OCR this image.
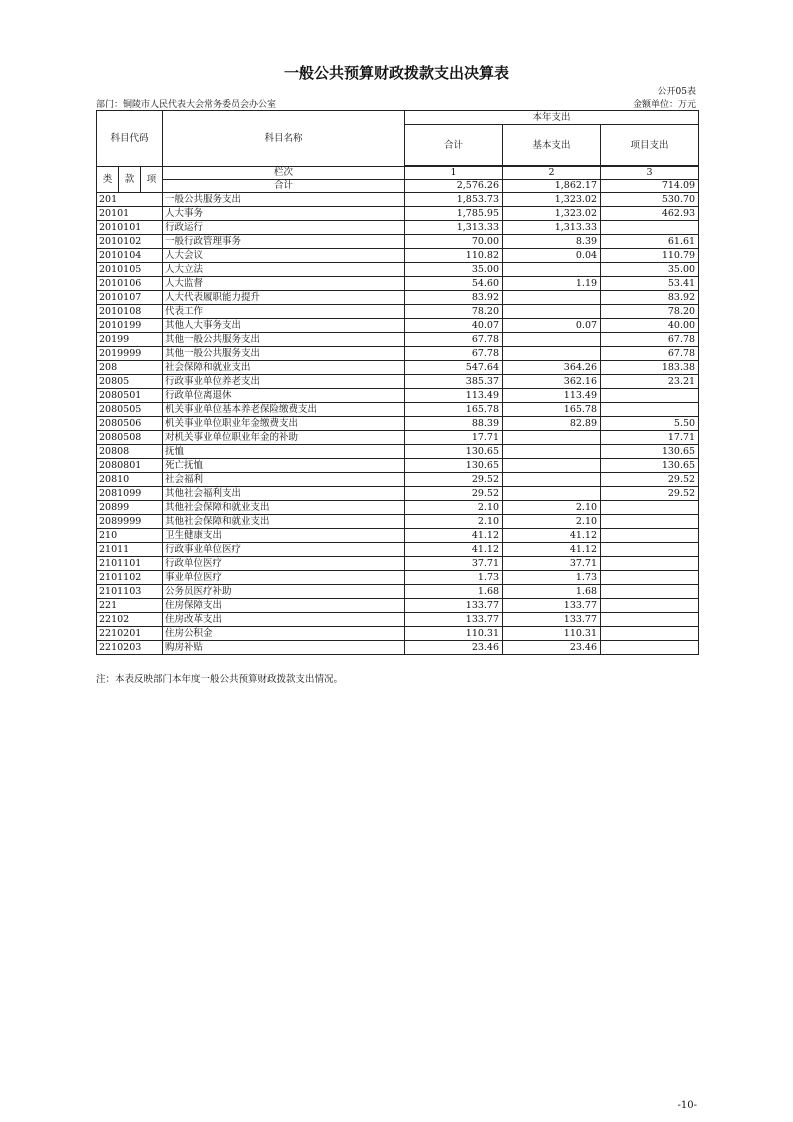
一般公共预算财政拨款支出决算表
公开05表
部门：铜陵市人民代表大会常务委员会办公室	金额单位：万元
科目代码			科目名称	本年支出		
				合计	基本支出	项目支出

类	款	项	栏次	1	2	3
			合计	2,576.26	1,862.17	714.09
201			一般公共服务支出	1,853.73	1,323.02	530.70
20101			人大事务	1,785.95	1,323.02	462.93
2010101			行政运行	1,313.33	1,313.33	
2010102			一般行政管理事务	70.00	8.39	61.61
2010104			人大会议	110.82	0.04	110.79
2010105			人大立法	35.00		35.00
2010106			人大监督	54.60	1.19	53.41
2010107			人大代表履职能力提升	83.92		83.92
2010108			代表工作	78.20		78.20
2010199			其他人大事务支出	40.07	0.07	40.00
20199			其他一般公共服务支出	67.78		67.78
2019999			其他一般公共服务支出	67.78		67.78
208			社会保障和就业支出	547.64	364.26	183.38
20805			行政事业单位养老支出	385.37	362.16	23.21
2080501			行政单位离退休	113.49	113.49	
2080505			机关事业单位基本养老保险缴费支出	165.78	165.78	
2080506			机关事业单位职业年金缴费支出	88.39	82.89	5.50
2080508			对机关事业单位职业年金的补助	17.71		17.71
20808			抚恤	130.65		130.65
2080801			死亡抚恤	130.65		130.65
20810			社会福利	29.52		29.52
2081099			其他社会福利支出	29.52		29.52
20899			其他社会保障和就业支出	2.10	2.10	
2089999			其他社会保障和就业支出	2.10	2.10	
210			卫生健康支出	41.12	41.12	
21011			行政事业单位医疗	41.12	41.12	
2101101			行政单位医疗	37.71	37.71	
2101102			事业单位医疗	1.73	1.73	
2101103			公务员医疗补助	1.68	1.68	
221			住房保障支出	133.77	133.77	
22102			住房改革支出	133.77	133.77	
2210201			住房公积金	110.31	110.31	
2210203			购房补贴	23.46	23.46	
注：本表反映部门本年度一般公共预算财政拨款支出情况。
-10-
